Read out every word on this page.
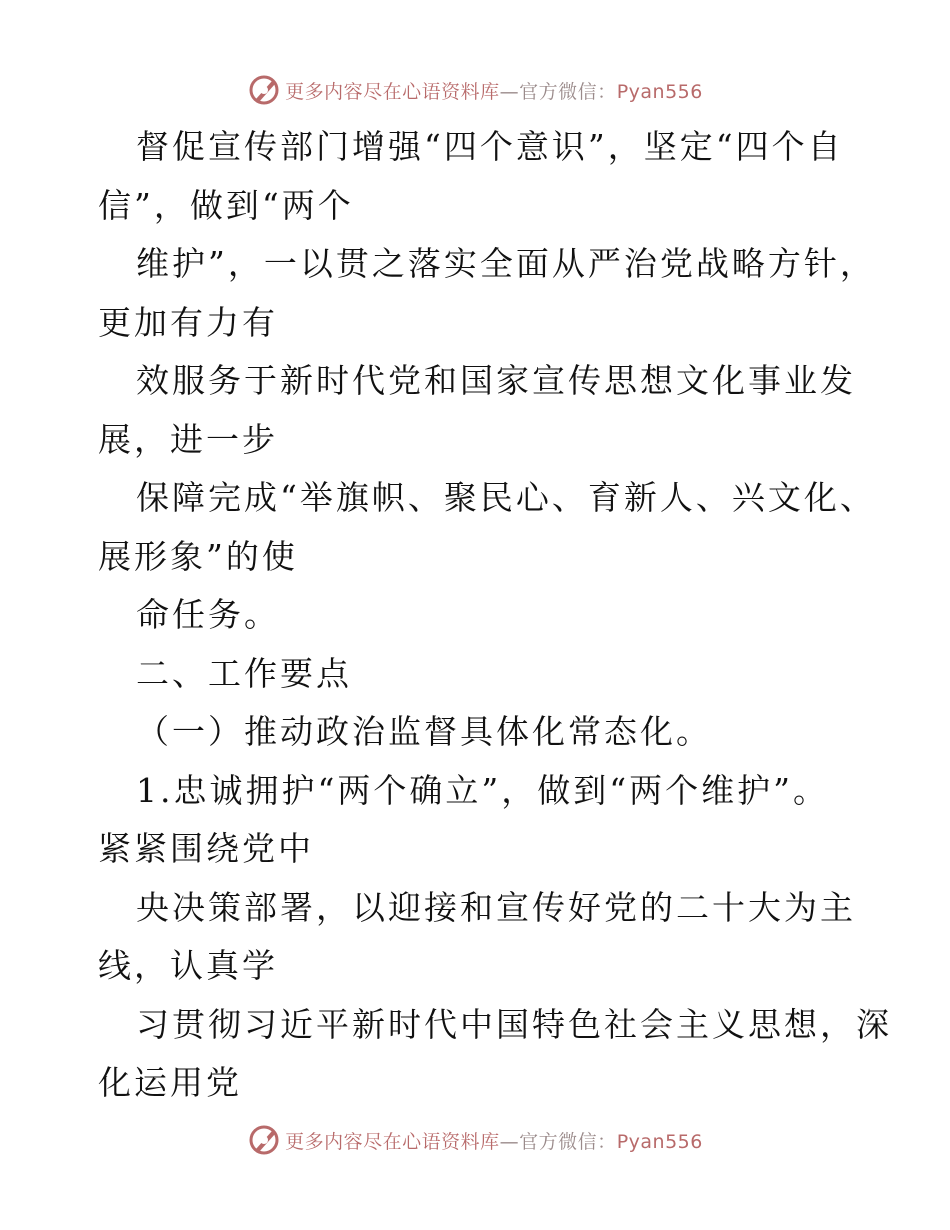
更多内容尽在心语资料库—官方微信：Pyan556
督促宣传部门增强“四个意识”，坚定“四个自
信”，做到“两个
维护”，一以贯之落实全面从严治党战略方针，
更加有力有
效服务于新时代党和国家宣传思想文化事业发
展，进一步
保障完成“举旗帜、聚民心、育新人、兴文化、
展形象”的使
命任务。
二、工作要点
（一）推动政治监督具体化常态化。
1.忠诚拥护“两个确立”，做到“两个维护”。
紧紧围绕党中
央决策部署，以迎接和宣传好党的二十大为主
线，认真学
习贯彻习近平新时代中国特色社会主义思想，深
化运用党
更多内容尽在心语资料库—官方微信：Pyan556
